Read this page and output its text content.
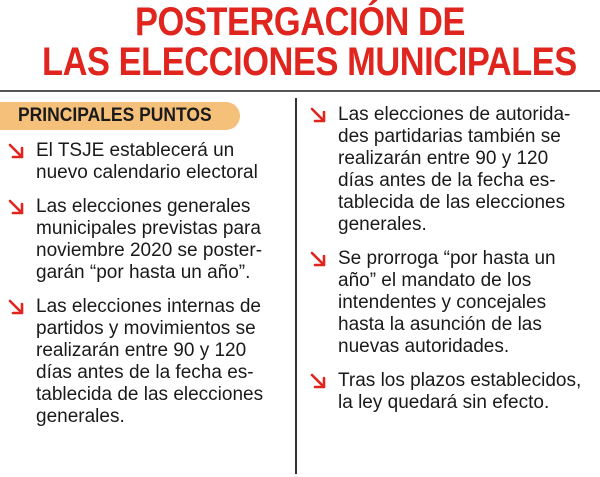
POSTERGACIÓN DE
LAS ELECCIONES MUNICIPALES
PRINCIPALES PUNTOS
El TSJE establecerá un
nuevo calendario electoral
Las elecciones generales
municipales previstas para
noviembre 2020 se poster-
garán “por hasta un año”.
Las elecciones internas de
partidos y movimientos se
realizarán entre 90 y 120
días antes de la fecha es-
tablecida de las elecciones
generales.
Las elecciones de autorida-
des partidarias también se
realizarán entre 90 y 120
días antes de la fecha es-
tablecida de las elecciones
generales.
Se prorroga “por hasta un
año” el mandato de los
intendentes y concejales
hasta la asunción de las
nuevas autoridades.
Tras los plazos establecidos,
la ley quedará sin efecto.
